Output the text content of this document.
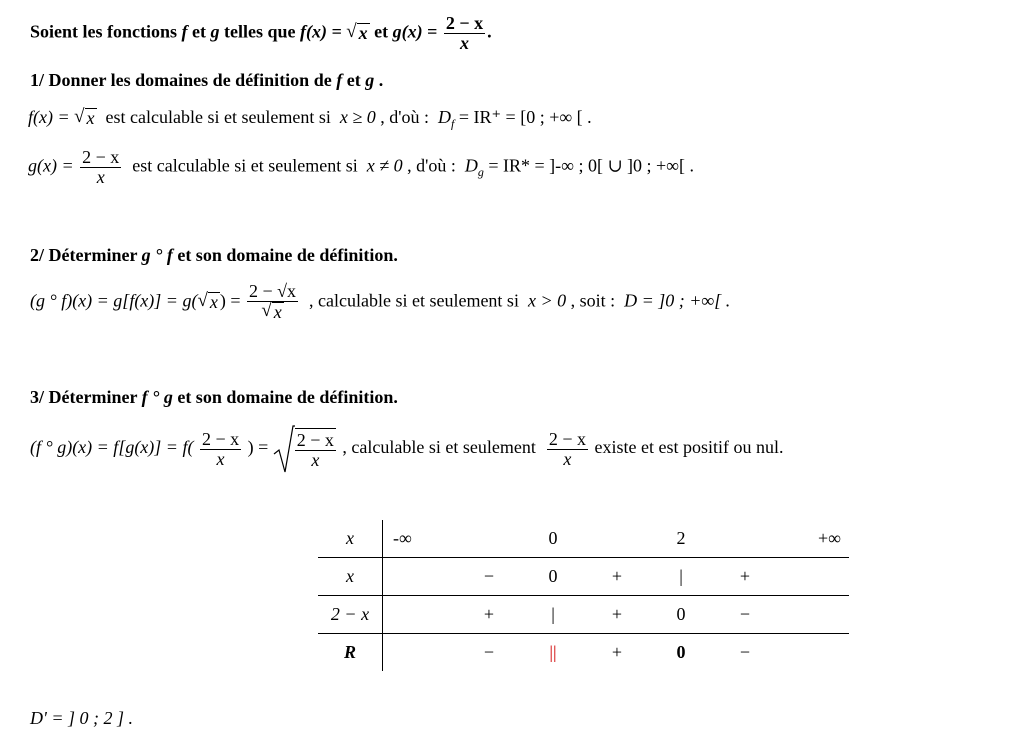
Soient les fonctions f et g telles que f(x) = √ x et $g(x) = \frac{2 - x}{x}$ .
1/ Donner les domaines de définition de f et g .
f(x) = √ x est calculable si et seulement si x ≥ 0 , d'où : $D_f = IR^+ = [0$ ; +∞ [ .
$g(x) = \frac{2 - x}{x}$ est calculable si et seulement si x ≠ 0 , d'où : $D_g = IR*$ = ]-∞ ; 0[ ∪ ]0 ; +∞[ .
2/ Déterminer g ° f et son domaine de définition.
(g ° f)(x) = g[f(x)] = g( √ x ) = $\frac{2 - √x}{√ x}$ , calculable si et seulement si x > 0 , soit : D = ]0 ; +∞[ .
3/ Déterminer f ° g et son domaine de définition.
(f ° $g)(x) = f[g(x)] = f( \frac{2 - x}{x}$ ) = $\frac{2 - x}{x}$ , calculable si et seulement $\frac{2 - x}{x}$ existe et est positif ou nul.
x	-∞		0		2		+∞
x		−	0	+	|	+	
2 − x		+	|	+	0	−	
R		−	||	+	0	−	
D' = ] 0 ; 2 ] .
